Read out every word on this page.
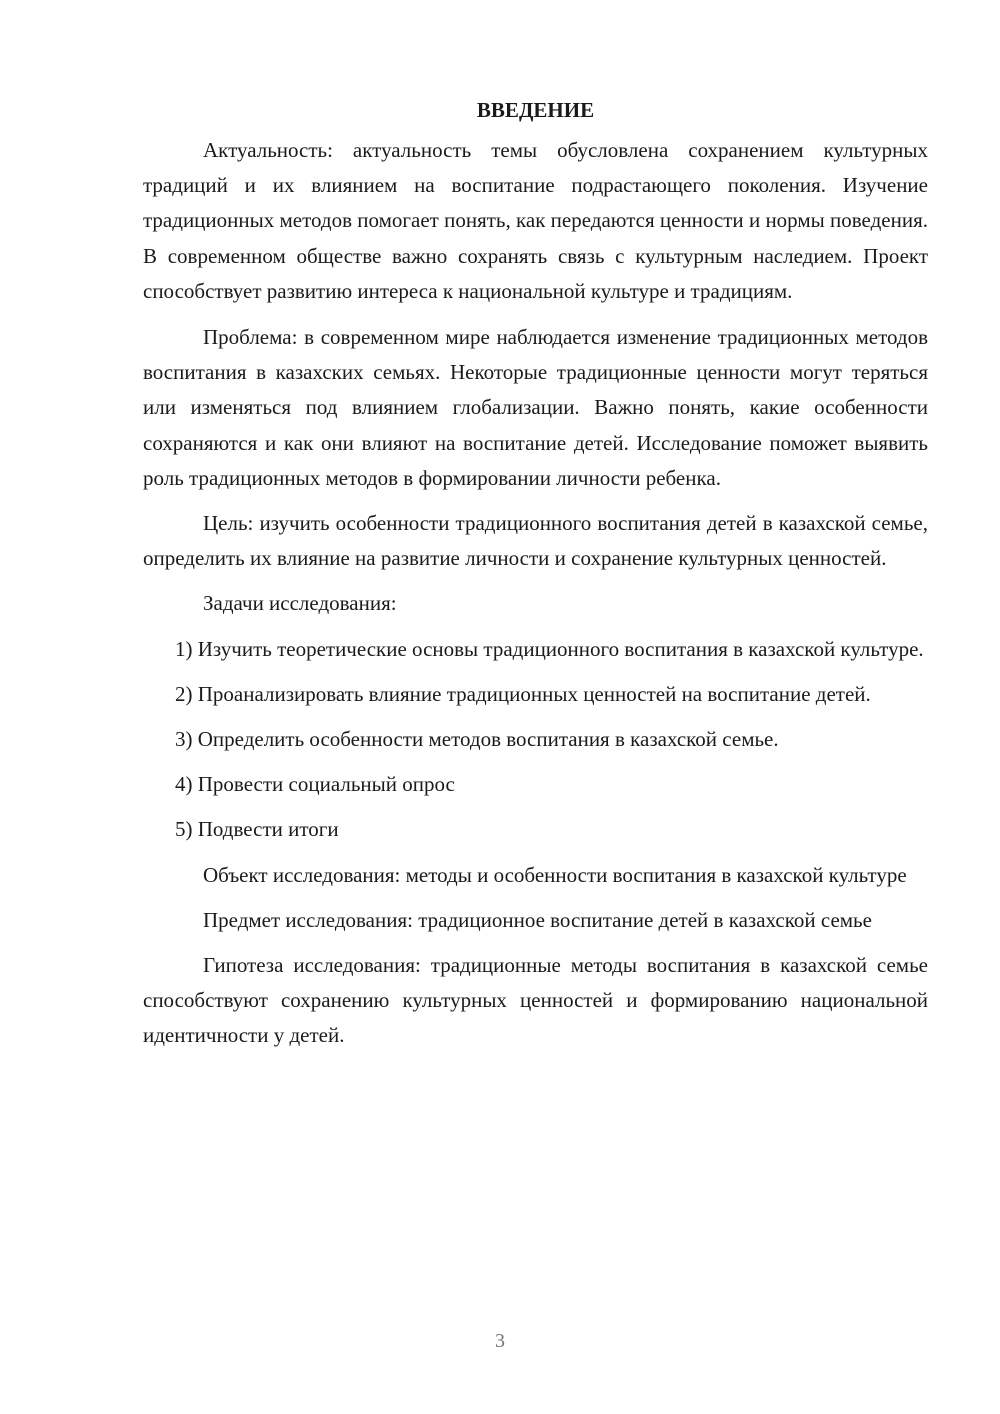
ВВЕДЕНИЕ

Актуальность: актуальность темы обусловлена сохранением культурных традиций и их влиянием на воспитание подрастающего поколения. Изучение традиционных методов помогает понять, как передаются ценности и нормы поведения. В современном обществе важно сохранять связь с культурным наследием. Проект способствует развитию интереса к национальной культуре и традициям.

Проблема: в современном мире наблюдается изменение традиционных методов воспитания в казахских семьях. Некоторые традиционные ценности могут теряться или изменяться под влиянием глобализации. Важно понять, какие особенности сохраняются и как они влияют на воспитание детей. Исследование поможет выявить роль традиционных методов в формировании личности ребенка.

Цель: изучить особенности традиционного воспитания детей в казахской семье, определить их влияние на развитие личности и сохранение культурных ценностей.

Задачи исследования:

1) Изучить теоретические основы традиционного воспитания в казахской культуре.

2) Проанализировать влияние традиционных ценностей на воспитание детей.

3) Определить особенности методов воспитания в казахской семье.

4) Провести социальный опрос

5) Подвести итоги

Объект исследования: методы и особенности воспитания в казахской культуре

Предмет исследования: традиционное воспитание детей в казахской семье

Гипотеза исследования: традиционные методы воспитания в казахской семье способствуют сохранению культурных ценностей и формированию национальной идентичности у детей.

3
